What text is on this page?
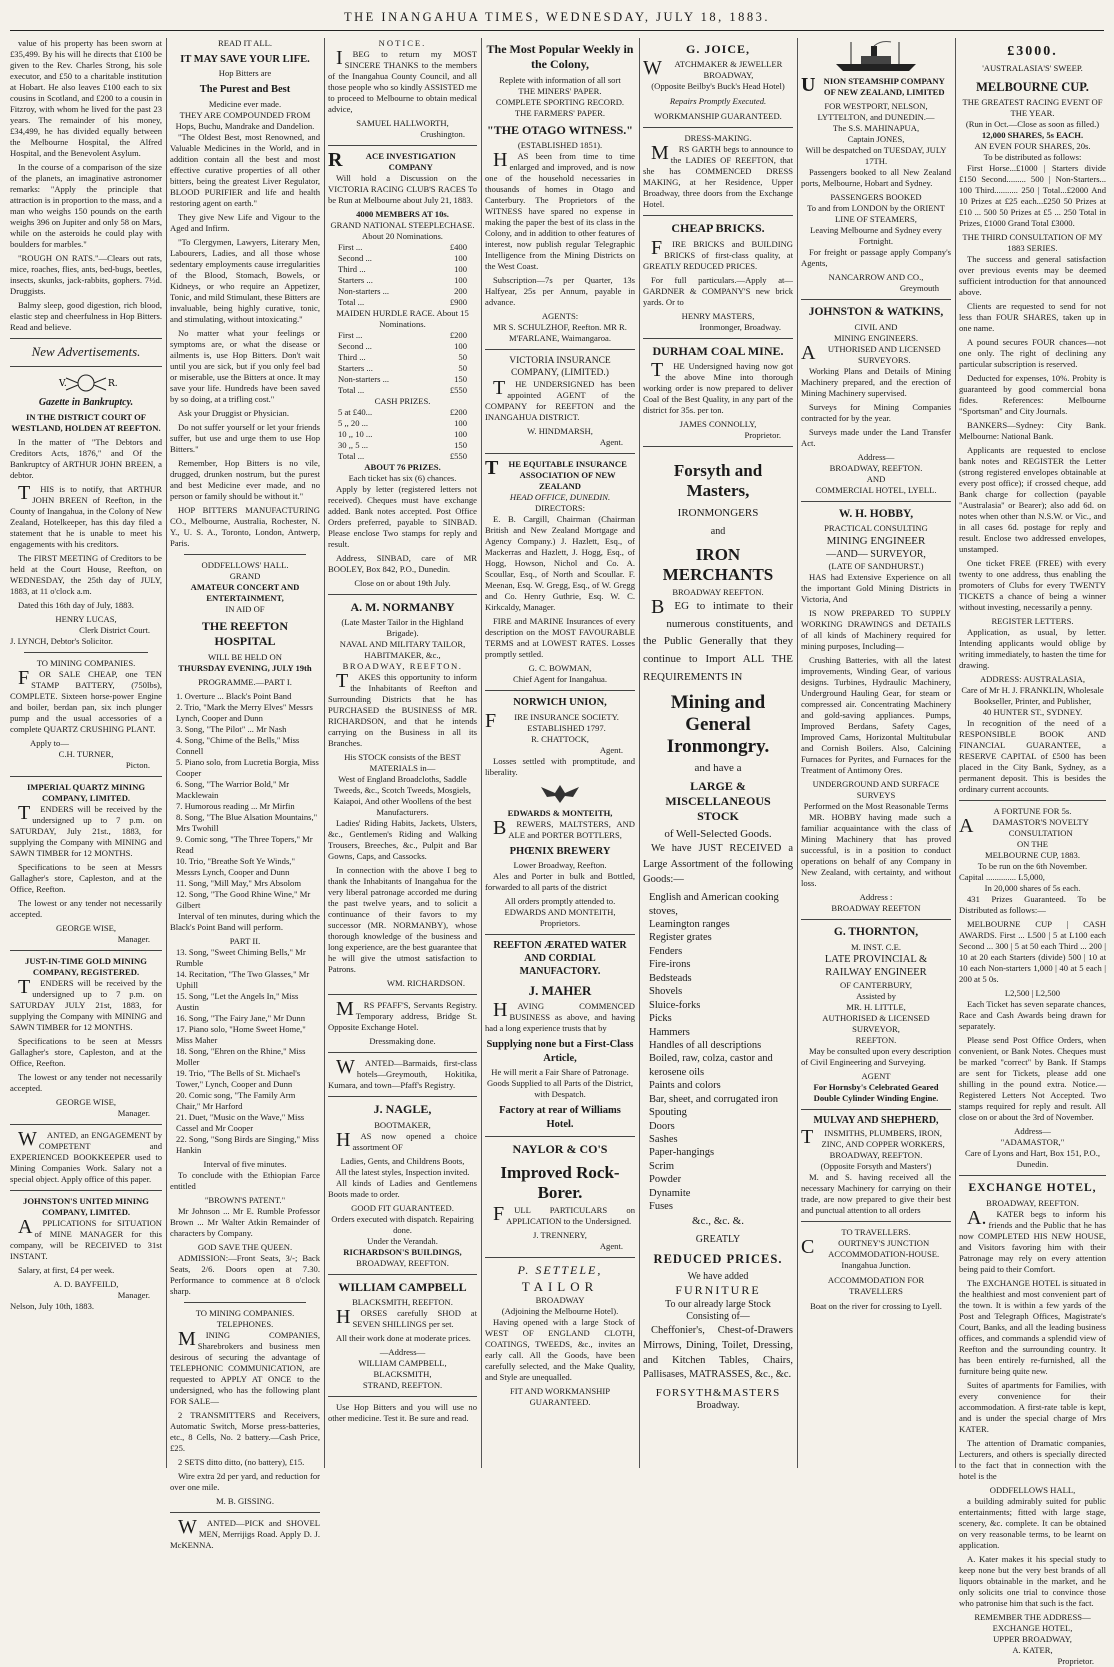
THE INANGAHUA TIMES, WEDNESDAY, JULY 18, 1883.

value of his property has been sworn at £35,499. By his will he directs that £100 be given to the Rev. Charles Strong, his sole executor, and £50 to a charitable institution at Hobart. He also leaves £100 each to six cousins in Scotland, and £200 to a cousin in Fitzroy, with whom he lived for the past 23 years. The remainder of his money, £34,499, he has divided equally between the Melbourne Hospital, the Alfred Hospital, and the Benevolent Asylum.

In the course of a comparison of the size of the planets, an imaginative astronomer remarks: "Apply the principle that attraction is in proportion to the mass, and a man who weighs 150 pounds on the earth weighs 396 on Jupiter and only 58 on Mars, while on the asteroids he could play with boulders for marbles."

"ROUGH ON RATS."—Clears out rats, mice, roaches, flies, ants, bed-bugs, beetles, insects, skunks, jack-rabbits, gophers. 7½d. Druggists.

Balmy sleep, good digestion, rich blood, elastic step and cheerfulness in Hop Bitters. Read and believe.

New Advertisements.
V.	R.
Gazette in Bankruptcy.
IN THE DISTRICT COURT OF WESTLAND, HOLDEN AT REEFTON.

In the matter of "The Debtors and Creditors Acts, 1876," and Of the Bankruptcy of ARTHUR JOHN BREEN, a debtor.

THIS is to notify, that ARTHUR JOHN BREEN of Reefton, in the County of Inangahua, in the Colony of New Zealand, Hotelkeeper, has this day filed a statement that he is unable to meet his engagements with his creditors.

The FIRST MEETING of Creditors to be held at the Court House, Reefton, on WEDNESDAY, the 25th day of JULY, 1883, at 11 o'clock a.m.

Dated this 16th day of July, 1883.

HENRY LUCAS,
Clerk District Court.
J. LYNCH, Debtor's Solicitor.
TO MINING COMPANIES.

FOR SALE CHEAP, one TEN STAMP BATTERY, (750lbs), COMPLETE. Sixteen horse-power Engine and boiler, berdan pan, six inch plunger pump and the usual accessories of a complete QUARTZ CRUSHING PLANT.

Apply to—
C.H. TURNER,
Picton.
IMPERIAL QUARTZ MINING COMPANY, LIMITED.

TENDERS will be received by the undersigned up to 7 p.m. on SATURDAY, July 21st., 1883, for supplying the Company with MINING and SAWN TIMBER for 12 MONTHS.

Specifications to be seen at Messrs Gallagher's store, Capleston, and at the Office, Reefton.

The lowest or any tender not necessarily accepted.

GEORGE WISE,
Manager.
JUST-IN-TIME GOLD MINING COMPANY, REGISTERED.

TENDERS will be received by the undersigned up to 7 p.m. on SATURDAY JULY 21st, 1883, for supplying the Company with MINING and SAWN TIMBER for 12 MONTHS.

Specifications to be seen at Messrs Gallagher's store, Capleston, and at the Office, Reefton.

The lowest or any tender not necessarily accepted.

GEORGE WISE,
Manager.

WANTED, an ENGAGEMENT by COMPETENT and EXPERIENCED BOOKKEEPER used to Mining Companies Work. Salary not a special object. Apply office of this paper.

JOHNSTON'S UNITED MINING COMPANY, LIMITED.

APPLICATIONS for SITUATION of MINE MANAGER for this company, will be RECEIVED to 31st INSTANT.

Salary, at first, £4 per week.

A. D. BAYFEILD,
Manager.
Nelson, July 10th, 1883.
READ IT ALL.
IT MAY SAVE YOUR LIFE.
Hop Bitters are
The Purest and Best
Medicine ever made.
THEY ARE COMPOUNDED FROM
Hops, Buchu, Mandrake and Dandelion.

"The Oldest Best, most Renowned, and Valuable Medicines in the World, and in addition contain all the best and most effective curative properties of all other bitters, being the greatest Liver Regulator, BLOOD PURIFIER and life and health restoring agent on earth."

They give New Life and Vigour to the Aged and Infirm.

"To Clergymen, Lawyers, Literary Men, Labourers, Ladies, and all those whose sedentary employments cause irregularities of the Blood, Stomach, Bowels, or Kidneys, or who require an Appetizer, Tonic, and mild Stimulant, these Bitters are invaluable, being highly curative, tonic, and stimulating, without intoxicating."

No matter what your feelings or symptoms are, or what the disease or ailments is, use Hop Bitters. Don't wait until you are sick, but if you only feel bad or miserable, use the Bitters at once. It may save your life. Hundreds have been saved by so doing, at a trifling cost."

Ask your Druggist or Physician.

Do not suffer yourself or let your friends suffer, but use and urge them to use Hop Bitters."

Remember, Hop Bitters is no vile, drugged, drunken nostrum, but the purest and best Medicine ever made, and no person or family should be without it."

HOP BITTERS MANUFACTURING CO., Melbourne, Australia, Rochester, N. Y., U. S. A., Toronto, London, Antwerp, Paris.

ODDFELLOWS' HALL.
GRAND
AMATEUR CONCERT AND ENTERTAINMENT,
IN AID OF
THE REEFTON HOSPITAL
WILL BE HELD ON
THURSDAY EVENING, JULY 19th
PROGRAMME.—PART I.
1. Overture ... Black's Point Band
2. Trio, "Mark the Merry Elves" Messrs Lynch, Cooper and Dunn
3. Song, "The Pilot" ... Mr Nash
4. Song, "Chime of the Bells," Miss Connell
5. Piano solo, from Lucretia Borgia, Miss Cooper
6. Song, "The Warrior Bold," Mr Macklewain
7. Humorous reading ... Mr Mirfin
8. Song, "The Blue Alsation Mountains," Mrs Twohill
9. Comic song, "The Three Topers," Mr Read
10. Trio, "Breathe Soft Ye Winds," Messrs Lynch, Cooper and Dunn
11. Song, "Mill May," Mrs Absolom
12. Song, "The Good Rhine Wine," Mr Gilbert

Interval of ten minutes, during which the Black's Point Band will perform.

PART II.
13. Song, "Sweet Chiming Bells," Mr Rumble
14. Recitation, "The Two Glasses," Mr Uphill
15. Song, "Let the Angels In," Miss Austin
16. Song, "The Fairy Jane," Mr Dunn
17. Piano solo, "Home Sweet Home," Miss Maher
18. Song, "Ehren on the Rhine," Miss Moller
19. Trio, "The Bells of St. Michael's Tower," Lynch, Cooper and Dunn
20. Comic song, "The Family Arm Chair," Mr Harford
21. Duet, "Music on the Wave," Miss Cassel and Mr Cooper
22. Song, "Song Birds are Singing," Miss Hankin
Interval of five minutes.

To conclude with the Ethiopian Farce entitled

"BROWN'S PATENT."

Mr Johnson ... Mr E. Rumble Professor Brown ... Mr Walter Atkin Remainder of characters by Company.

GOD SAVE THE QUEEN.

ADMISSION:—Front Seats, 3/-; Back Seats, 2/6. Doors open at 7.30. Performance to commence at 8 o'clock sharp.

TO MINING COMPANIES.
TELEPHONES.

MINING COMPANIES, Sharebrokers and business men desirous of securing the advantage of TELEPHONIC COMMUNICATION, are requested to APPLY AT ONCE to the undersigned, who has the following plant FOR SALE—

2 TRANSMITTERS and Receivers, Automatic Switch, Morse press-batteries, etc., 8 Cells, No. 2 battery.—Cash Price, £25.

2 SETS ditto ditto, (no battery), £15.

Wire extra 2d per yard, and reduction for over one mile.

M. B. GISSING.

WANTED—PICK and SHOVEL MEN, Merrijigs Road. Apply D. J. McKENNA.

NOTICE.

IBEG to return my MOST SINCERE THANKS to the members of the Inangahua County Council, and all those people who so kindly ASSISTED me to proceed to Melbourne to obtain medical advice,

SAMUEL HALLWORTH,
Crushington.
RACE INVESTIGATION COMPANY

Will hold a Discussion on the VICTORIA RACING CLUB'S RACES To be Run at Melbourne about July 21, 1883.

4000 MEMBERS AT 10s.
GRAND NATIONAL STEEPLECHASE. About 20 Nominations.
First ...	£400
Second ...	100
Third ...	100
Starters ...	100
Non-starters ...	200
Total ...	£900
MAIDEN HURDLE RACE. About 15 Nominations.
First ...	£200
Second ...	100
Third ...	50
Starters ...	50
Non-starters ...	150
Total ...	£550
CASH PRIZES.
5 at £40...	£200
5 ,, 20 ...	100
10 ,, 10 ...	100
30 ,, 5 ...	150
Total ...	£550
ABOUT 76 PRIZES.
Each ticket has six (6) chances.

Apply by letter (registered letters not received). Cheques must have exchange added. Bank notes accepted. Post Office Orders preferred, payable to SINBAD. Please enclose Two stamps for reply and result.

Address, SINBAD, care of MR BOOLEY, Box 842, P.O., Dunedin.

Close on or about 19th July.
A. M. NORMANBY
(Late Master Tailor in the Highland Brigade).
NAVAL AND MILITARY TAILOR, HABITMAKER, &c.,
BROADWAY, REEFTON.

TAKES this opportunity to inform the Inhabitants of Reefton and Surrounding Districts that he has PURCHASED the BUSINESS of MR. RICHARDSON, and that he intends carrying on the Business in all its Branches.

His STOCK consists of the BEST MATERIALS in—
West of England Broadcloths, Saddle Tweeds, &c., Scotch Tweeds, Mosgiels, Kaiapoi, And other Woollens of the best Manufacturers.

Ladies' Riding Habits, Jackets, Ulsters, &c., Gentlemen's Riding and Walking Trousers, Breeches, &c., Pulpit and Bar Gowns, Caps, and Cassocks.

In connection with the above I beg to thank the Inhabitants of Inangahua for the very liberal patronage accorded me during the past twelve years, and to solicit a continuance of their favors to my successor (MR. NORMANBY), whose thorough knowledge of the business and long experience, are the best guarantee that he will give the utmost satisfaction to Patrons.

WM. RICHARDSON.

MRS PFAFF'S, Servants Registry. Temporary address, Bridge St. Opposite Exchange Hotel.

Dressmaking done.

WANTED—Barmaids, first-class hotels—Greymouth, Hokitika, Kumara, and town—Pfaff's Registry.

J. NAGLE,
BOOTMAKER,

HAS now opened a choice assortment OF

Ladies, Gents, and Childrens Boots,
All the latest styles, Inspection invited.

All kinds of Ladies and Gentlemens Boots made to order.

GOOD FIT GUARANTEED.
Orders executed with dispatch. Repairing done.
Under the Verandah.
RICHARDSON'S BUILDINGS,
BROADWAY, REEFTON.
WILLIAM CAMPBELL
BLACKSMITH, REEFTON.

HORSES carefully SHOD at SEVEN SHILLINGS per set.

All their work done at moderate prices.

—Address—
WILLIAM CAMPBELL,
BLACKSMITH,
STRAND, REEFTON.

Use Hop Bitters and you will use no other medicine. Test it. Be sure and read.

The Most Popular Weekly in the Colony,
Replete with information of all sort
THE MINERS' PAPER.
COMPLETE SPORTING RECORD.
THE FARMERS' PAPER.
"THE OTAGO WITNESS."
(ESTABLISHED 1851).

HAS been from time to time enlarged and improved, and is now one of the household necessaries in thousands of homes in Otago and Canterbury. The Proprietors of the WITNESS have spared no expense in making the paper the best of its class in the Colony, and in addition to other features of interest, now publish regular Telegraphic Intelligence from the Mining Districts on the West Coast.

Subscription—7s per Quarter, 13s Halfyear, 25s per Annum, payable in advance.

AGENTS:
MR S. SCHULZHOF, Reefton. MR R. M'FARLANE, Waimangaroa.
VICTORIA INSURANCE COMPANY, (LIMITED.)

THE UNDERSIGNED has been appointed AGENT of the COMPANY for REEFTON and the INANGAHUA DISTRICT.

W. HINDMARSH,
Agent.
THE EQUITABLE INSURANCE ASSOCIATION OF NEW ZEALAND
HEAD OFFICE, DUNEDIN.
DIRECTORS:

E. B. Cargill, Chairman (Chairman British and New Zealand Mortgage and Agency Company.) J. Hazlett, Esq., of Mackerras and Hazlett, J. Hogg, Esq., of Hogg, Howson, Nichol and Co. A. Scoullar, Esq., of North and Scoullar. F. Meenan, Esq. W. Gregg, Esq., of W. Gregg and Co. Henry Guthrie, Esq. W. C. Kirkcaldy, Manager.

FIRE and MARINE Insurances of every description on the MOST FAVOURABLE TERMS and at LOWEST RATES. Losses promptly settled.

G. C. BOWMAN,
Chief Agent for Inangahua.
NORWICH UNION,
FIRE INSURANCE SOCIETY.
ESTABLISHED 1797.
R. CHATTOCK,
Agent.

Losses settled with promptitude, and liberality.

EDWARDS & MONTEITH,

BREWERS, MALTSTERS, AND ALE and PORTER BOTTLERS,

PHŒNIX BREWERY
Lower Broadway, Reefton.

Ales and Porter in bulk and Bottled, forwarded to all parts of the district

All orders promptly attended to.
EDWARDS AND MONTEITH,
Proprietors.
REEFTON ÆRATED WATER AND CORDIAL MANUFACTORY.
J. MAHER

HAVING COMMENCED BUSINESS as above, and having had a long experience trusts that by

Supplying none but a First-Class Article,
He will merit a Fair Share of Patronage.
Goods Supplied to all Parts of the District, with Despatch.
Factory at rear of Williams Hotel.
NAYLOR & CO'S
Improved Rock-Borer.

FULL PARTICULARS on APPLICATION to the Undersigned.

J. TRENNERY,
Agent.
P. SETTELE,
TAILOR
BROADWAY
(Adjoining the Melbourne Hotel).

Having opened with a large Stock of WEST OF ENGLAND CLOTH, COATINGS, TWEEDS, &c., invites an early call. All the Goods, have been carefully selected, and the Make Quality, and Style are unequalled.

FIT AND WORKMANSHIP GUARANTEED.
G. JOICE,
WATCHMAKER & JEWELLER
BROADWAY,
(Opposite Beilby's Buck's Head Hotel)
Repairs Promptly Executed.
WORKMANSHIP GUARANTEED.
DRESS-MAKING.

MRS GARTH begs to announce to the LADIES OF REEFTON, that she has COMMENCED DRESS MAKING, at her Residence, Upper Broadway, three doors from the Exchange Hotel.

CHEAP BRICKS.

FIRE BRICKS and BUILDING BRICKS of first-class quality, at GREATLY REDUCED PRICES.

For full particulars.—Apply at—GARDNER & COMPANY'S new brick yards. Or to

HENRY MASTERS,
Ironmonger, Broadway.
DURHAM COAL MINE.

THE Undersigned having now got the above Mine into thorough working order is now prepared to deliver Coal of the Best Quality, in any part of the district for 35s. per ton.

JAMES CONNOLLY,
Proprietor.
Forsyth and Masters,
IRONMONGERS
and
IRON MERCHANTS
BROADWAY REEFTON.

BEG to intimate to their numerous constituents, and the Public Generally that they continue to Import ALL THE REQUIREMENTS IN

Mining and General Ironmongry.
and have a
LARGE & MISCELLANEOUS STOCK
of Well-Selected Goods.

We have JUST RECEIVED a Large Assortment of the following Goods:—

English and American cooking stoves,
Leamington ranges
Register grates
Fenders
Fire-irons
Bedsteads
Shovels
Sluice-forks
Picks
Hammers
Handles of all descriptions
Boiled, raw, colza, castor and kerosene oils
Paints and colors
Bar, sheet, and corrugated iron
Spouting
Doors
Sashes
Paper-hangings
Scrim
Powder
Dynamite
Fuses
&c., &c. &.
GREATLY
REDUCED PRICES.
We have added
FURNITURE
To our already large Stock Consisting of—

Cheffonier's, Chest-of-Drawers Mirrows, Dining, Toilet, Dressing, and Kitchen Tables, Chairs, Pallisases, MATRASSES, &c., &c.

FORSYTH&MASTERS
Broadway.
UNION STEAMSHIP COMPANY OF NEW ZEALAND, LIMITED
FOR WESTPORT, NELSON, LYTTELTON, and DUNEDIN.—
The S.S. MAHINAPUA,
Captain JONES,
Will be despatched on TUESDAY, JULY 17TH.

Passengers booked to all New Zealand ports, Melbourne, Hobart and Sydney.

PASSENGERS BOOKED
To and from LONDON by the ORIENT LINE OF STEAMERS,
Leaving Melbourne and Sydney every Fortnight.

For freight or passage apply Company's Agents,

NANCARROW AND CO.,
Greymouth
JOHNSTON & WATKINS,
CIVIL AND
MINING ENGINEERS.
AUTHORISED AND LICENSED SURVEYORS.

Working Plans and Details of Mining Machinery prepared, and the erection of Mining Machinery supervised.

Surveys for Mining Companies contracted for by the year.

Surveys made under the Land Transfer Act.

Address—
BROADWAY, REEFTON.
AND
COMMERCIAL HOTEL, LYELL.
W. H. HOBBY,
PRACTICAL CONSULTING
MINING ENGINEER
—AND— SURVEYOR,
(LATE OF SANDHURST.)

HAS had Extensive Experience on all the important Gold Mining Districts in Victoria, And

IS NOW PREPARED TO SUPPLY WORKING DRAWINGS and DETAILS of all kinds of Machinery required for mining purposes, Including—

Crushing Batteries, with all the latest improvements, Winding Gear, of various designs. Turbines, Hydraulic Machinery, Underground Hauling Gear, for steam or compressed air. Concentrating Machinery and gold-saving appliances. Pumps, Improved Berdans, Safety Cages, Improved Cams, Horizontal Multitubular and Cornish Boilers. Also, Calcining Furnaces for Pyrites, and Furnaces for the Treatment of Antimony Ores.

UNDERGROUND AND SURFACE SURVEYS
Performed on the Most Reasonable Terms

MR. HOBBY having made such a familiar acquaintance with the class of Mining Machinery that has proved successful, is in a position to conduct operations on behalf of any Company in New Zealand, with certainty, and without loss.

Address :
BROADWAY REEFTON
G. THORNTON,
M. INST. C.E.
LATE PROVINCIAL & RAILWAY ENGINEER
OF CANTERBURY,
Assisted by
MR. H. LITTLE,
AUTHORISED & LICENSED SURVEYOR,
REEFTON.

May be consulted upon every description of Civil Engineering and Surveying.

AGENT
For Hornsby's Celebrated Geared Double Cylinder Winding Engine.
MULVAY AND SHEPHERD,
TINSMITHS, PLUMBERS, IRON, ZINC, AND COPPER WORKERS,
BROADWAY, REEFTON.
(Opposite Forsyth and Masters')

M. and S. having received all the necessary Machinery for carrying on their trade, are now prepared to give their best and punctual attention to all orders

TO TRAVELLERS.
COURTNEY'S JUNCTION ACCOMMODATION-HOUSE.
Inangahua Junction.
ACCOMMODATION FOR TRAVELLERS
Boat on the river for crossing to Lyell.
£3000.
'AUSTRALASIA'S' SWEEP.
MELBOURNE CUP.
THE GREATEST RACING EVENT OF THE YEAR.
(Run in Oct.—Close as soon as filled.)
12,000 SHARES, 5s EACH.
AN EVEN FOUR SHARES, 20s.
To be distributed as follows:

First Horse...£1000 | Starters divide £150 Second......... 500 | Non-Starters... 100 Third........... 250 | Total...£2000 And 10 Prizes at £25 each...£250 50 Prizes at £10 ... 500 50 Prizes at £5 ... 250 Total in Prizes, £1000 Grand Total £3000.

THE THIRD CONSULTATION OF MY 1883 SERIES.

The success and general satisfaction over previous events may be deemed sufficient introduction for that announced above.

Clients are requested to send for not less than FOUR SHARES, taken up in one name.

A pound secures FOUR chances—not one only. The right of declining any particular subscription is reserved.

Deducted for expenses, 10%. Probity is guaranteed by good commercial bona fides. References: Melbourne "Sportsman" and City Journals.

BANKERS—Sydney: City Bank. Melbourne: National Bank.

Applicants are requested to enclose bank notes and REGISTER the Letter (strong registered envelopes obtainable at every post office); if crossed cheque, add Bank charge for collection (payable "Australasia" or Bearer); also add 6d. on notes when other than N.S.W. or Vic., and in all cases 6d. postage for reply and result. Enclose two addressed envelopes, unstamped.

One ticket FREE (FREE) with every twenty to one address, thus enabling the promoters of Clubs for every TWENTY TICKETS a chance of being a winner without investing, necessarily a penny.

REGISTER LETTERS.

Application, as usual, by letter. Intending applicants would oblige by writing immediately, to hasten the time for drawing.

ADDRESS: AUSTRALASIA,
Care of Mr H. J. FRANKLIN, Wholesale Bookseller, Printer, and Publisher,
40 HUNTER ST., SYDNEY.

In recognition of the need of a RESPONSIBLE BOOK AND FINANCIAL GUARANTEE, a RESERVE CAPITAL of £500 has been placed in the City Bank, Sydney, as a permanent deposit. This is besides the ordinary current accounts.

A FORTUNE FOR 5s.
ADAMASTOR'S NOVELTY CONSULTATION
ON THE
MELBOURNE CUP, 1883.
To be run on the 6th November.
Capital .............. L5,000,
In 20,000 shares of 5s each.

431 Prizes Guaranteed. To be Distributed as follows:—

MELBOURNE CUP | CASH AWARDS. First ... L500 | 5 at L100 each Second ... 300 | 5 at 50 each Third ... 200 | 10 at 20 each Starters (divide) 500 | 10 at 10 each Non-starters 1,000 | 40 at 5 each | 200 at 5 0s.

L2,500 | L2,500

Each Ticket has seven separate chances, Race and Cash Awards being drawn for separately.

Please send Post Office Orders, when convenient, or Bank Notes. Cheques must be marked "correct" by Bank. If Stamps are sent for Tickets, please add one shilling in the pound extra. Notice.—Registered Letters Not Accepted. Two stamps required for reply and result. All close on or about the 3rd of November.

Address—
"ADAMASTOR,"
Care of Lyons and Hart, Box 151, P.O., Dunedin.
EXCHANGE HOTEL,
BROADWAY, REEFTON.

A.KATER begs to inform his friends and the Public that he has now COMPLETED HIS NEW HOUSE, and Visitors favoring him with their Patronage may rely on every attention being paid to their Comfort.

The EXCHANGE HOTEL is situated in the healthiest and most convenient part of the town. It is within a few yards of the Post and Telegraph Offices, Magistrate's Court, Banks, and all the leading business offices, and commands a splendid view of Reefton and the surrounding country. It has been entirely re-furnished, all the furniture being quite new.

Suites of apartments for Families, with every convenience for their accommodation. A first-rate table is kept, and is under the special charge of Mrs KATER.

The attention of Dramatic companies, Lecturers, and others is specially directed to the fact that in connection with the hotel is the

ODDFELLOWS HALL,

a building admirably suited for public entertainments; fitted with large stage, scenery, &c. complete. It can be obtained on very reasonable terms, to be learnt on application.

A. Kater makes it his special study to keep none but the very best brands of all liquors obtainable in the market, and he only solicits one trial to convince those who patronise him that such is the fact.

REMEMBER THE ADDRESS—
EXCHANGE HOTEL,
UPPER BROADWAY,
A. KATER,
Proprietor.
